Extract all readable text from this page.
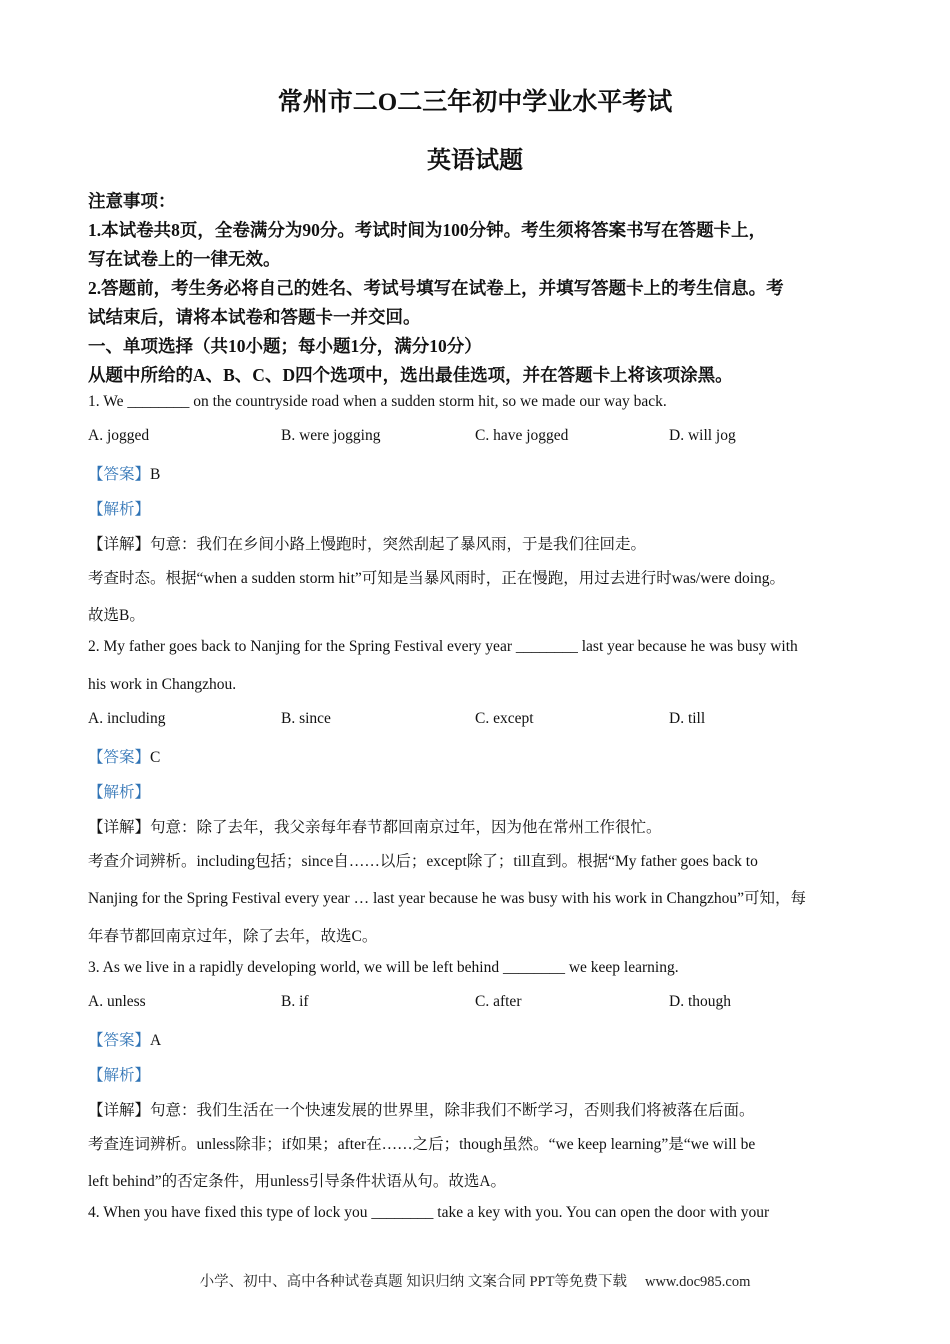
常州市二O二三年初中学业水平考试
英语试题
注意事项：
1.本试卷共8页，全卷满分为90分。考试时间为100分钟。考生须将答案书写在答题卡上，
写在试卷上的一律无效。
2.答题前，考生务必将自己的姓名、考试号填写在试卷上，并填写答题卡上的考生信息。考
试结束后，请将本试卷和答题卡一并交回。
一、单项选择（共10小题；每小题1分，满分10分）
从题中所给的A、B、C、D四个选项中，选出最佳选项，并在答题卡上将该项涂黑。
1. We ________ on the countryside road when a sudden storm hit, so we made our way back.
A. jogged	B. were jogging	C. have jogged	D. will jog
【答案】B
【解析】
【详解】句意：我们在乡间小路上慢跑时，突然刮起了暴风雨，于是我们往回走。
考查时态。根据“when a sudden storm hit”可知是当暴风雨时，正在慢跑，用过去进行时was/were doing。
故选B。
2. My father goes back to Nanjing for the Spring Festival every year ________ last year because he was busy with
his work in Changzhou.
A. including	B. since	C. except	D. till
【答案】C
【解析】
【详解】句意：除了去年，我父亲每年春节都回南京过年，因为他在常州工作很忙。
考查介词辨析。including包括；since自……以后；except除了；till直到。根据“My father goes back to
Nanjing for the Spring Festival every year … last year because he was busy with his work in Changzhou”可知，每
年春节都回南京过年，除了去年，故选C。
3. As we live in a rapidly developing world, we will be left behind ________ we keep learning.
A. unless	B. if	C. after	D. though
【答案】A
【解析】
【详解】句意：我们生活在一个快速发展的世界里，除非我们不断学习，否则我们将被落在后面。
考查连词辨析。unless除非；if如果；after在……之后；though虽然。“we keep learning”是“we will be
left behind”的否定条件，用unless引导条件状语从句。故选A。
4. When you have fixed this type of lock you ________ take a key with you. You can open the door with your
小学、初中、高中各种试卷真题 知识归纳 文案合同 PPT等免费下载 www.doc985.com
